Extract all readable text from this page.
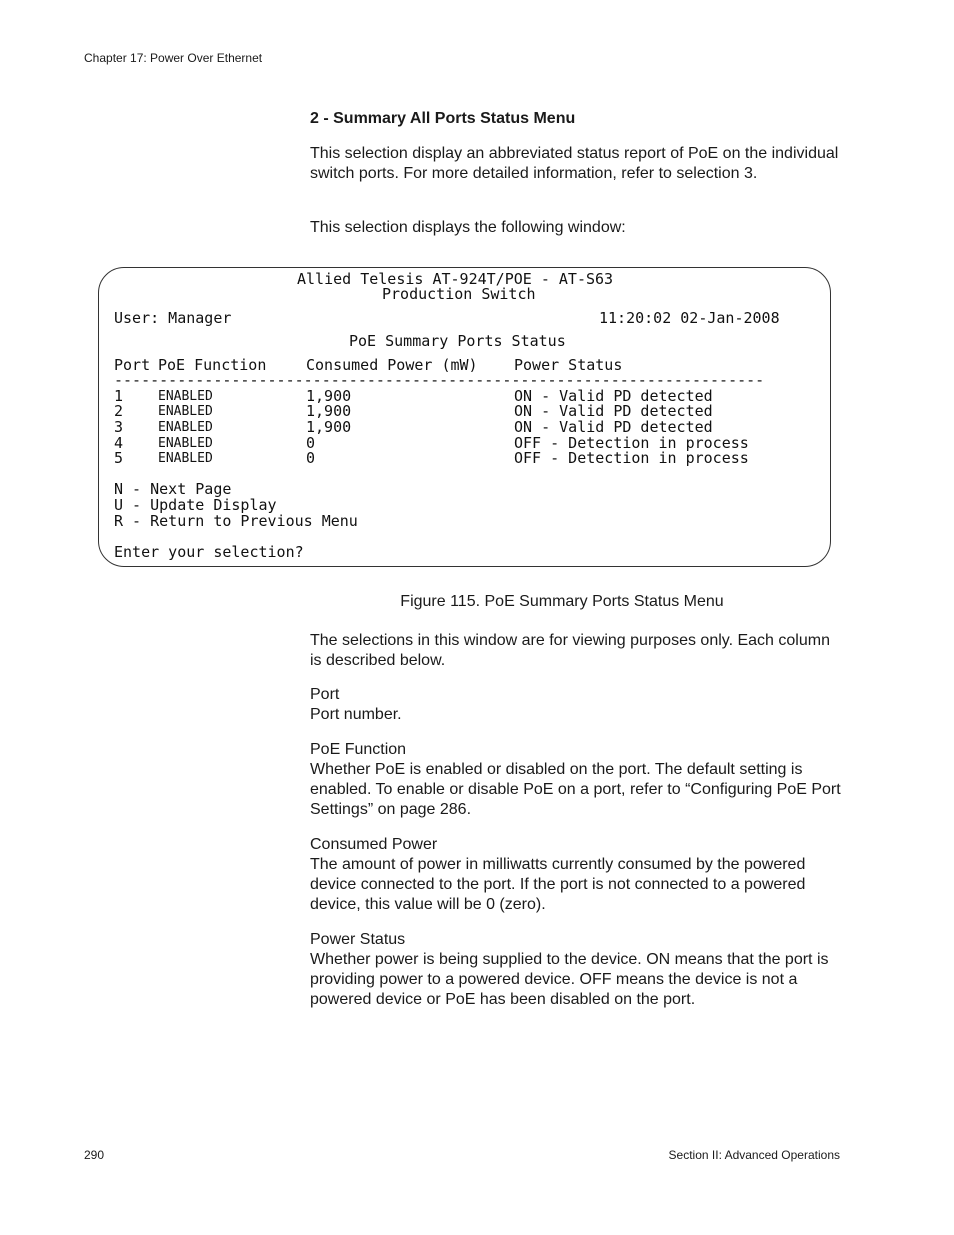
Chapter 17: Power Over Ethernet
2 - Summary All Ports Status Menu
This selection display an abbreviated status report of PoE on the individual switch ports. For more detailed information, refer to selection 3.
This selection displays the following window:
Allied Telesis AT-924T/POE - AT-S63
Production Switch
User: Manager	11:20:02 02-Jan-2008
PoE Summary Ports Status
Port PoE Function	Consumed Power (mW) Power Status
------------------------------------------------------------------------
1	ENABLED	1,900	ON - Valid PD detected
2	ENABLED	1,900	ON - Valid PD detected
3	ENABLED	1,900	ON - Valid PD detected
4	ENABLED	0	OFF - Detection in process
5	ENABLED	0	OFF - Detection in process
N - Next Page
U - Update Display
R - Return to Previous Menu
Enter your selection?
Figure 115. PoE Summary Ports Status Menu
The selections in this window are for viewing purposes only. Each column is described below.
Port
Port number.
PoE Function
Whether PoE is enabled or disabled on the port. The default setting is enabled. To enable or disable PoE on a port, refer to “Configuring PoE Port Settings” on page 286.
Consumed Power
The amount of power in milliwatts currently consumed by the powered device connected to the port. If the port is not connected to a powered device, this value will be 0 (zero).
Power Status
Whether power is being supplied to the device. ON means that the port is providing power to a powered device. OFF means the device is not a powered device or PoE has been disabled on the port.
290	Section II: Advanced Operations
